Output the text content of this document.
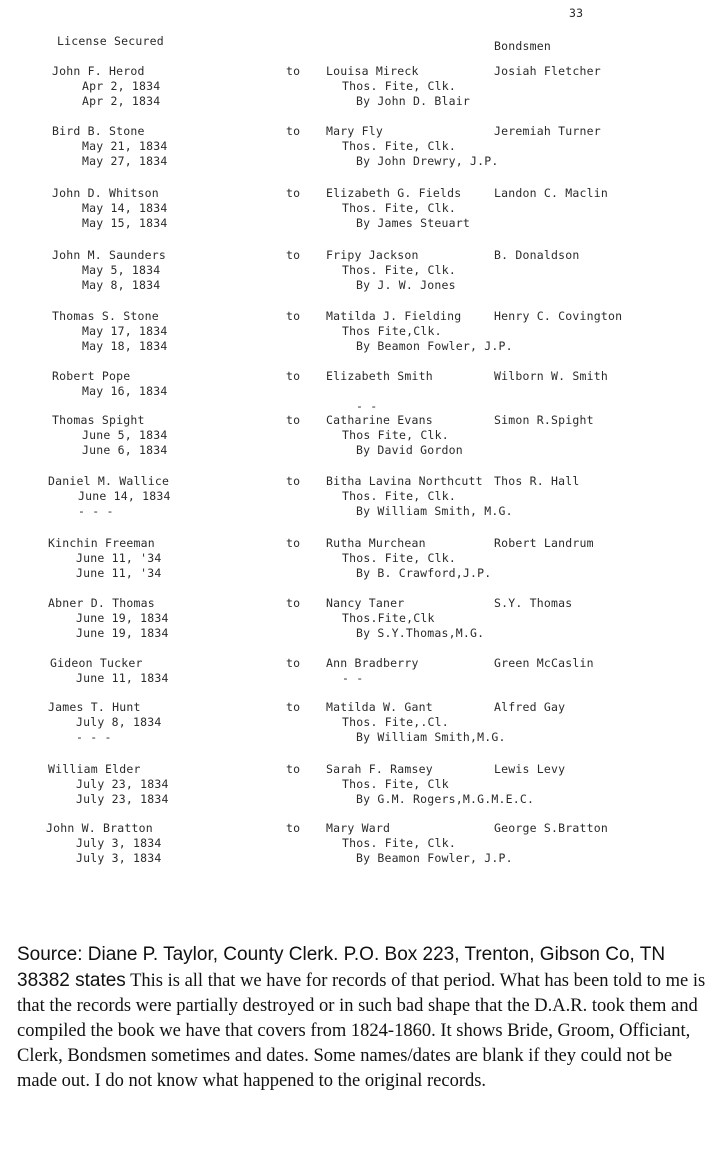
33
License Secured	Bondsmen
John F. Herod
Apr 2, 1834
Apr 2, 1834
to Louisa Mireck
Thos. Fite, Clk.
By John D. Blair
Josiah Fletcher
Bird B. Stone
May 21, 1834
May 27, 1834
to Mary Fly
Thos. Fite, Clk.
By John Drewry, J.P.
Jeremiah Turner
John D. Whitson
May 14, 1834
May 15, 1834
to Elizabeth G. Fields
Thos. Fite, Clk.
By James Steuart
Landon C. Maclin
John M. Saunders
May 5, 1834
May 8, 1834
to Fripy Jackson
Thos. Fite, Clk.
By J. W. Jones
B. Donaldson
Thomas S. Stone
May 17, 1834
May 18, 1834
to Matilda J. Fielding
Thos Fite,Clk.
By Beamon Fowler, J.P.
Henry C. Covington
Robert Pope
May 16, 1834
to Elizabeth Smith
- -
Wilborn W. Smith
Thomas Spight
June 5, 1834
June 6, 1834
to Catharine Evans
Thos Fite, Clk.
By David Gordon
Simon R.Spight
Daniel M. Wallice
June 14, 1834
- - -
to Bitha Lavina Northcutt
Thos. Fite, Clk.
By William Smith, M.G.
Thos R. Hall
Kinchin Freeman
June 11, '34
June 11, '34
to Rutha Murchean
Thos. Fite, Clk.
By B. Crawford,J.P.
Robert Landrum
Abner D. Thomas
June 19, 1834
June 19, 1834
to Nancy Taner
Thos.Fite,Clk
By S.Y.Thomas,M.G.
S.Y. Thomas
Gideon Tucker
June 11, 1834
to Ann Bradberry
- -
Green McCaslin
James T. Hunt
July 8, 1834
- - -
to Matilda W. Gant
Thos. Fite,.Cl.
By William Smith,M.G.
Alfred Gay
William Elder
July 23, 1834
July 23, 1834
to Sarah F. Ramsey
Thos. Fite, Clk
By G.M. Rogers,M.G.M.E.C.
Lewis Levy
John W. Bratton
July 3, 1834
July 3, 1834
to Mary Ward
Thos. Fite, Clk.
By Beamon Fowler, J.P.
George S.Bratton
Source: Diane P. Taylor, County Clerk. P.O. Box 223, Trenton, Gibson Co, TN 38382 states This is all that we have for records of that period. What has been told to me is that the records were partially destroyed or in such bad shape that the D.A.R. took them and compiled the book we have that covers from 1824-1860. It shows Bride, Groom, Officiant, Clerk, Bondsmen sometimes and dates. Some names/dates are blank if they could not be made out. I do not know what happened to the original records.
